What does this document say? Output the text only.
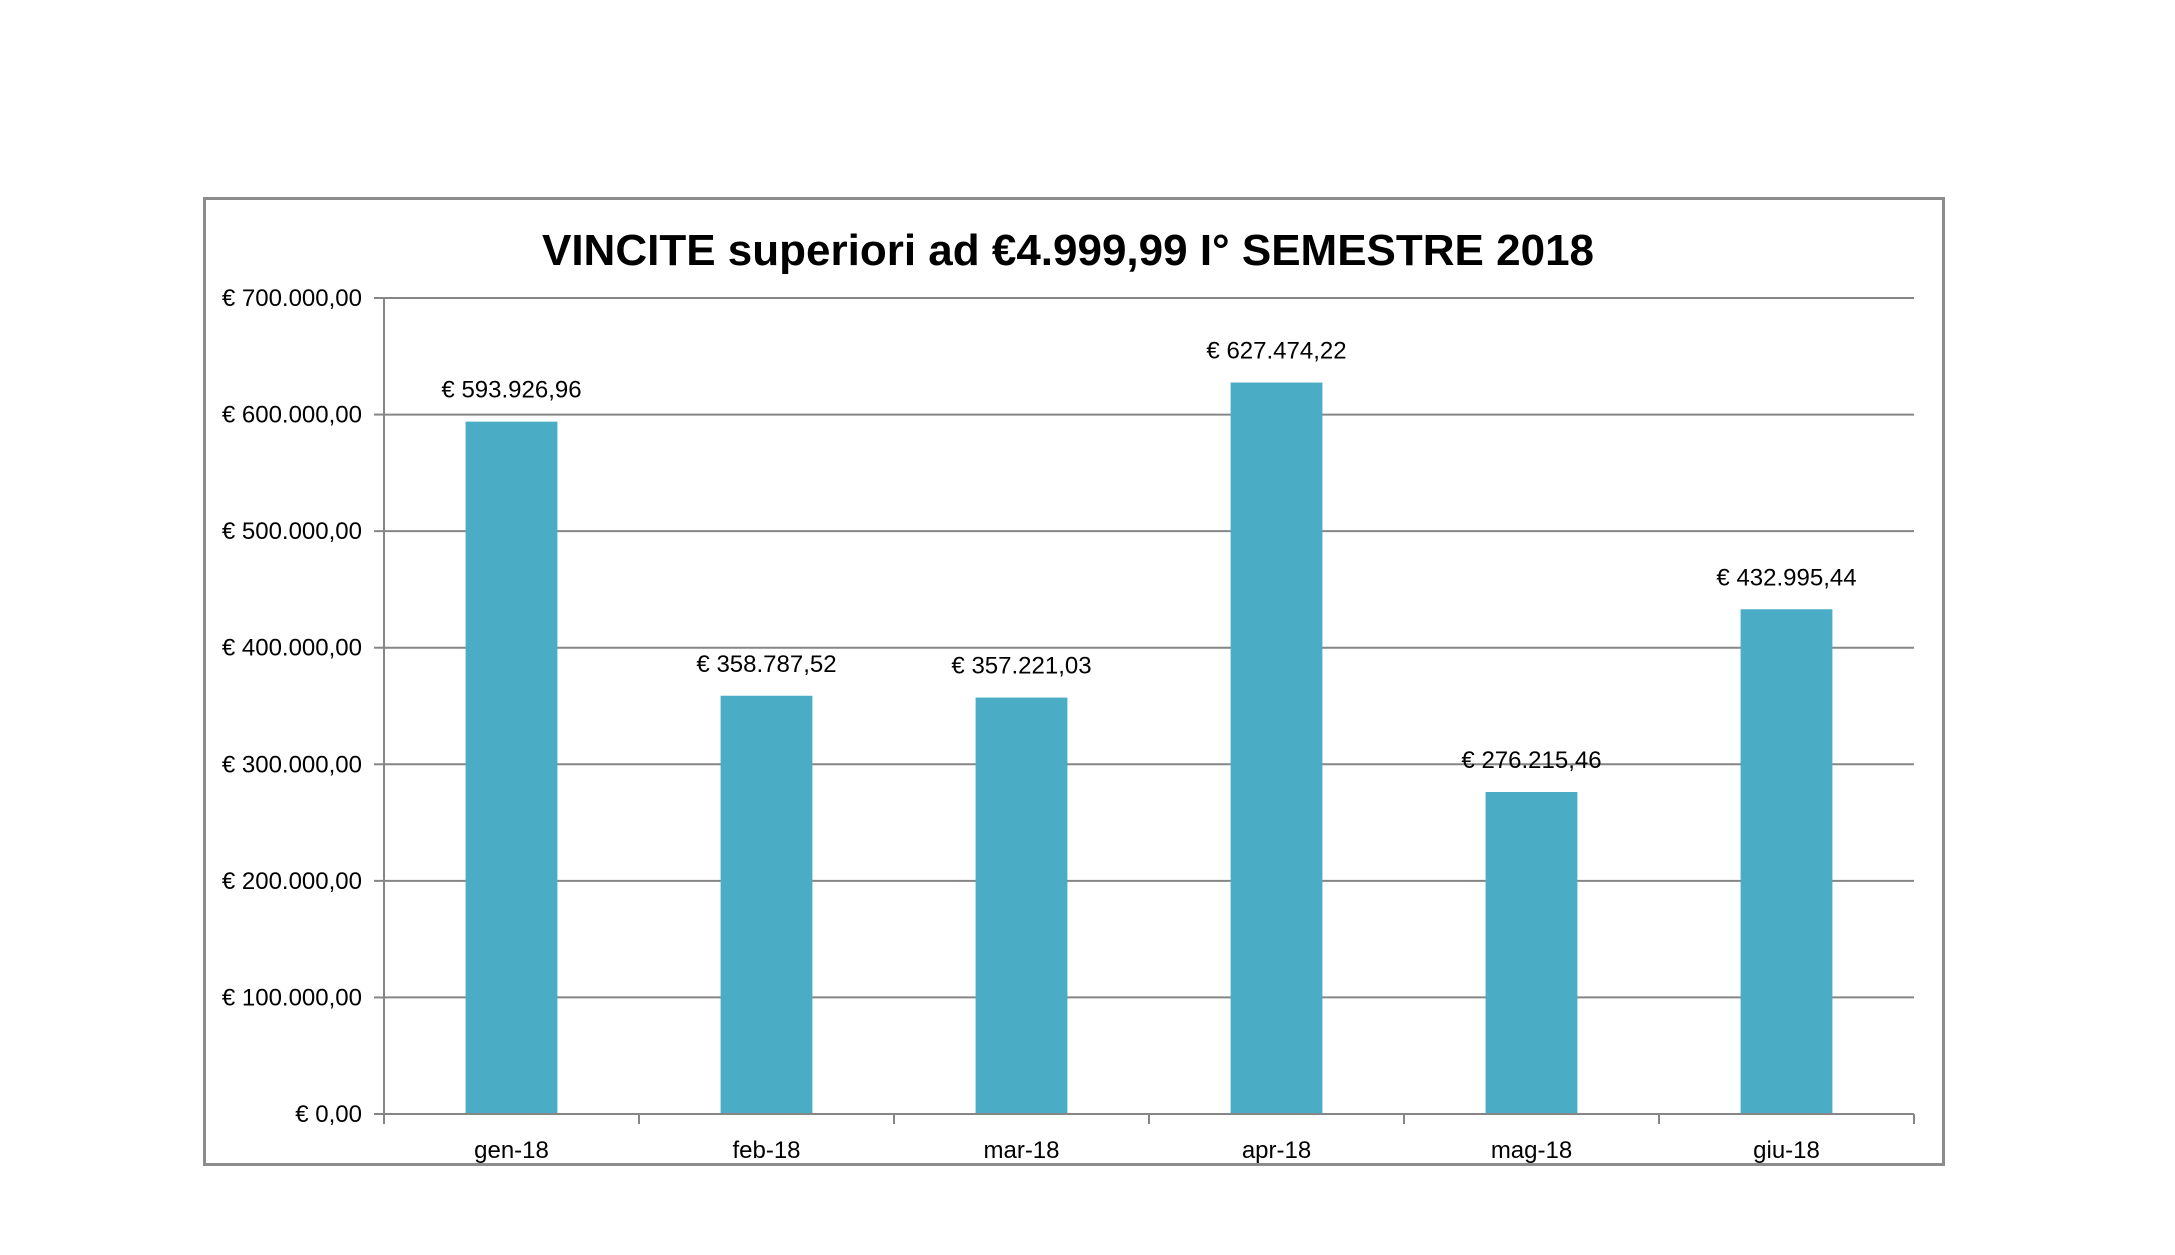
VINCITE superiori ad €4.999,99 I° SEMESTRE 2018
€ 0,00
€ 100.000,00
€ 200.000,00
€ 300.000,00
€ 400.000,00
€ 500.000,00
€ 600.000,00
€ 700.000,00
€ 593.926,96
gen-18
€ 358.787,52
feb-18
€ 357.221,03
mar-18
€ 627.474,22
apr-18
€ 276.215,46
mag-18
€ 432.995,44
giu-18
